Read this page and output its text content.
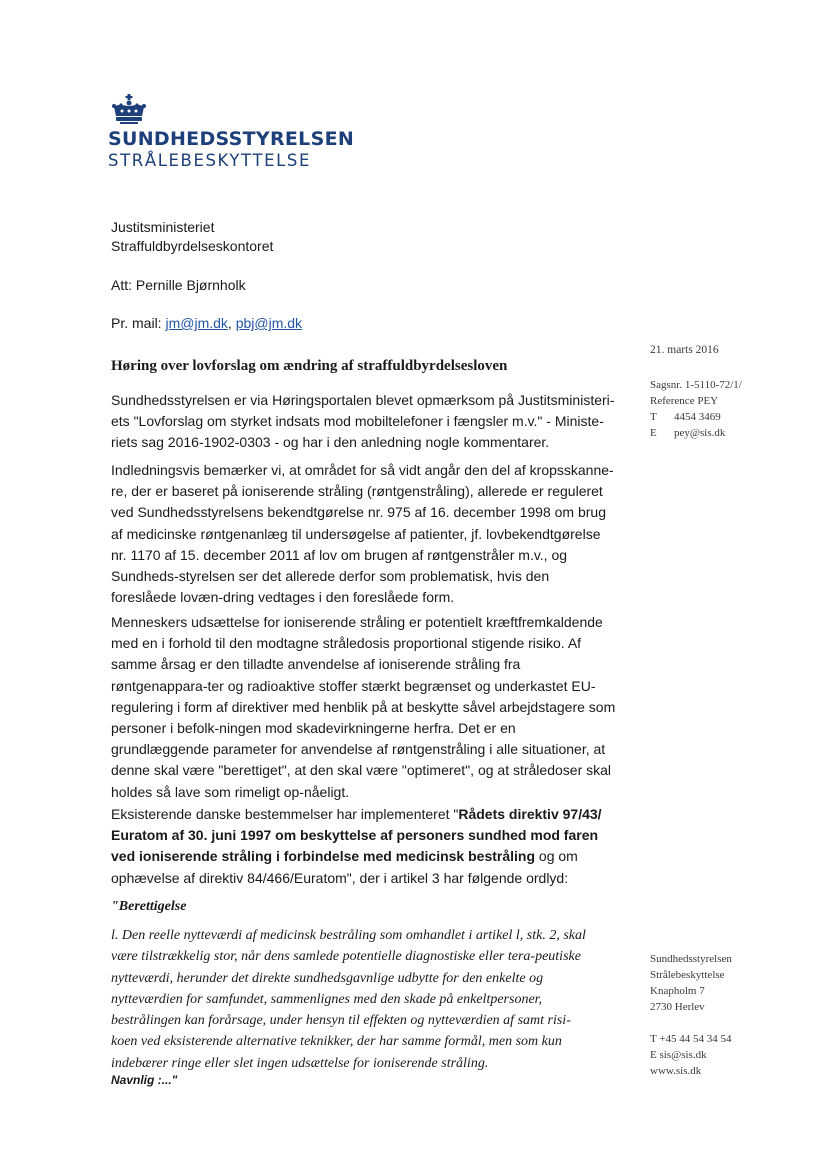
SUNDHEDSSTYRELSEN
STRÅLEBESKYTTELSE
Justitsministeriet
Straffuldbyrdelseskontoret
Att: Pernille Bjørnholk
Pr. mail: jm@jm.dk, pbj@jm.dk
21. marts 2016
Sagsnr. 1-5110-72/1/
Reference PEY
T 4454 3469
E pey@sis.dk
Høring over lovforslag om ændring af straffuldbyrdelsesloven
Sundhedsstyrelsen er via Høringsportalen blevet opmærksom på Justitsministeri-ets "Lovforslag om styrket indsats mod mobiltelefoner i fængsler m.v." - Ministe-riets sag 2016-1902-0303 - og har i den anledning nogle kommentarer.
Indledningsvis bemærker vi, at området for så vidt angår den del af kropsskanne-re, der er baseret på ioniserende stråling (røntgenstråling), allerede er reguleret ved Sundhedsstyrelsens bekendtgørelse nr. 975 af 16. december 1998 om brug af medicinske røntgenanlæg til undersøgelse af patienter, jf. lovbekendtgørelse nr. 1170 af 15. december 2011 af lov om brugen af røntgenstråler m.v., og Sundheds-styrelsen ser det allerede derfor som problematisk, hvis den foreslåede lovæn-dring vedtages i den foreslåede form.
Menneskers udsættelse for ioniserende stråling er potentielt kræftfremkaldende med en i forhold til den modtagne stråledosis proportional stigende risiko. Af samme årsag er den tilladte anvendelse af ioniserende stråling fra røntgenappara-ter og radioaktive stoffer stærkt begrænset og underkastet EU-regulering i form af direktiver med henblik på at beskytte såvel arbejdstagere som personer i befolk-ningen mod skadevirkningerne herfra. Det er en grundlæggende parameter for anvendelse af røntgenstråling i alle situationer, at denne skal være "berettiget", at den skal være "optimeret", og at stråledoser skal holdes så lave som rimeligt op-nåeligt.
Eksisterende danske bestemmelser har implementeret "Rådets direktiv 97/43/ Euratom af 30. juni 1997 om beskyttelse af personers sundhed mod faren ved ioniserende stråling i forbindelse med medicinsk bestråling og om ophævelse af direktiv 84/466/Euratom", der i artikel 3 har følgende ordlyd:
"Berettigelse
l. Den reelle nytteværdi af medicinsk bestråling som omhandlet i artikel l, stk. 2, skal være tilstrækkelig stor, når dens samlede potentielle diagnostiske eller tera-peutiske nytteværdi, herunder det direkte sundhedsgavnlige udbytte for den enkelte og nytteværdien for samfundet, sammenlignes med den skade på enkeltpersoner, bestrålingen kan forårsage, under hensyn til effekten og nytteværdien af samt risi-koen ved eksisterende alternative teknikker, der har samme formål, men som kun indebærer ringe eller slet ingen udsættelse for ioniserende stråling.
Navnlig :..."
Sundhedsstyrelsen
Strålebeskyttelse
Knapholm 7
2730 Herlev
T +45 44 54 34 54
E sis@sis.dk
www.sis.dk
